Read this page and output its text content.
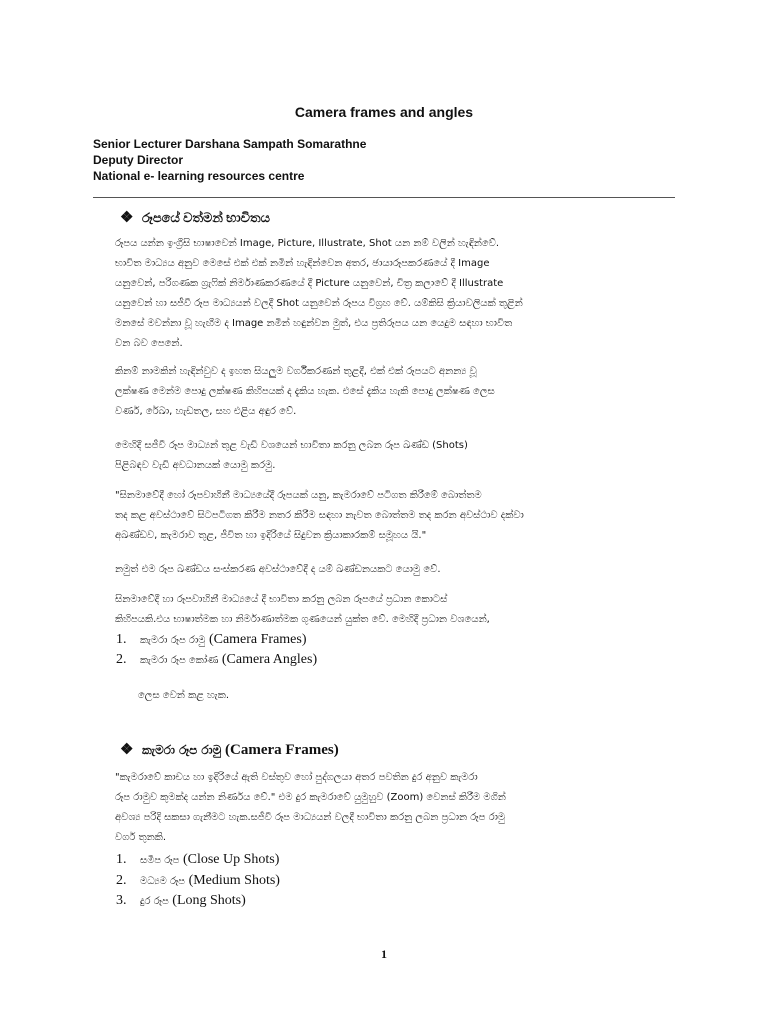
Camera frames and angles
Senior Lecturer Darshana Sampath Somarathne
Deputy Director
National e- learning resources centre
❖ රූපයේ වත්මන් භාවිතය
රූපය යන්න ඉංග්‍රීසි භාෂාවෙන් Image, Picture, Illustrate, Shot යන නම් වලින් හැඳින්වේ.
භාවිත මාධ්‍යය අනුව මෙසේ එක් එක් නමින් හැඳින්වෙන අතර, ඡායාරූපකරණයේ දී Image
යනුවෙන්, පරිගණක ග්‍රැෆික් නිර්මාණකරණයේ දී Picture යනුවෙන්, චිත්‍ර කලාවේ දී Illustrate
යනුවෙන් හා සජීවී රූප මාධ්‍යයන් වලදී Shot යනුවෙන් රූපය විග්‍රහ වේ. යම්කිසි ක්‍රියාවලියක් තුළින්
මනසේ මවන්නා වූ හැඟීම ද Image නමින් හඳුන්වන මුත්, එය ප්‍රතිරූපය යන යෙදුම සඳහා භාවිත
වන බව පෙනේ.
කිනම් නාමකින් හැඳින්වුව ද ඉහත සියලුම වර්ගීකරණන් තුළදී, එක් එක් රූපයට අනන්‍ය වූ
ලක්ෂණ මෙන්ම පොදු ලක්ෂණ කිහිපයක් ද දැකිය හැක. එසේ දැකිය හැකි පොදු ලක්ෂණ ලෙස
වර්ණ, රේඛා, හැඩතල, සහ එළිය අඳුර වේ.
මෙහිදී සජීවී රූප මාධ්‍යන් තුළ වැඩි වශයෙන් භාවිතා කරනු ලබන රූප ඛණ්ඩ (Shots)
පිළිබඳව වැඩි අවධානයක් යොමු කරමු.
"සිනමාවේදී හෝ රූපවාහිනී මාධ්‍යයේදී රූපයක් යනු, කැමරාවේ පටිගත කිරීමේ බොත්තම
තද කළ අවස්ථාවේ සිටපටිගත කිරීම නතර කිරීම සඳහා නැවත බොත්තම තද කරන අවස්ථාව දක්වා
අඛණ්ඩව, කැමරාව තුළ, ජීවිත හා ඉදිරියේ සිදුවන ක්‍රියාකාරකම් සමූහය යි."
නමුත් එම රූප ඛණ්ඩය සංස්කරණ අවස්ථාවේදී ද යම් ඛණ්ඩනයකට යොමු වේ.
සිනමාවේදී හා රූපවාහිනී මාධ්‍යයේ දී භාවිතා කරනු ලබන රූපයේ ප්‍රධාන කොටස්
කිහිපයකි.එය භාෂාත්මක හා නිර්මාණාත්මක ගුණයෙන් යුක්ත වේ. මෙහිදී ප්‍රධාන වශයෙන්,
1. කැමරා රූප රාමු (Camera Frames)
2. කැමරා රූප කෝණ (Camera Angles)
ලෙස වෙන් කළ හැක.
❖ කැමරා රූප රාමු (Camera Frames)
"කැමරාවේ කාචය හා ඉදිරියේ ඇති වස්තුව හෝ පුද්ගලයා අතර පවතින දුර අනුව කැමරා
රූප රාමුව කුමක්ද යන්න නිර්ණය වේ." එම දුර කැමරාවේ යුමුහුව (Zoom) වෙනස් කිරීම මගින්
අවශ්‍ය පරිදි සකසා ගැනීමට හැක.සජීවී රූප මාධ්‍යයන් වලදී භාවිතා කරනු ලබන ප්‍රධාන රූප රාමු
වර්ග තුනකි.
1. සමීප රූප (Close Up Shots)
2. මධ්‍යම රූප (Medium Shots)
3. දුර රූප (Long Shots)
1
